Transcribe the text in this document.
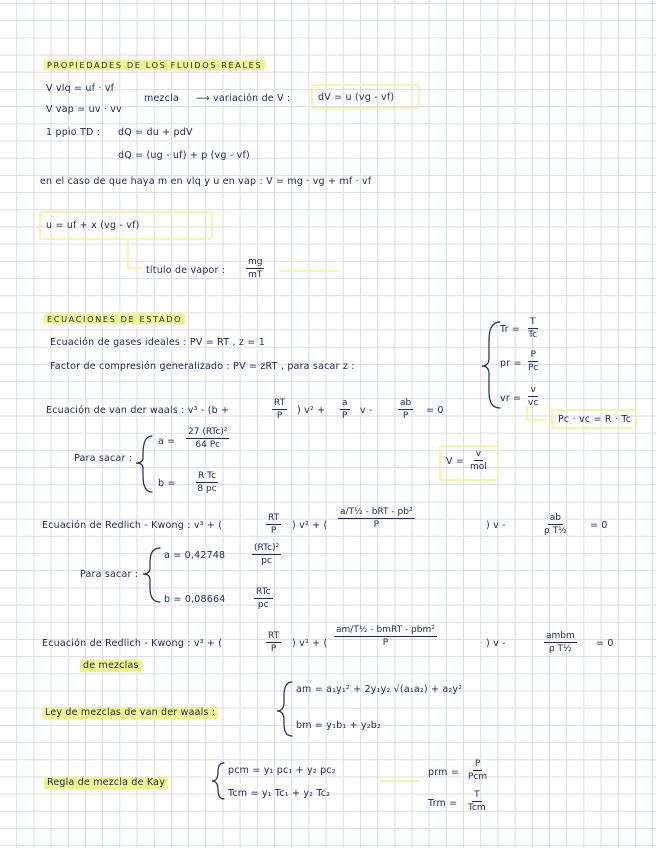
PROPIEDADES DE LOS FLUIDOS REALES
V vlq = uf · vf
V vap = uv · vv
mezcla ⟶ variación de V :	dV = u (vg - vf)
1 ppio TD : dQ = du + pdV
dQ = (ug - uf) + p (vg - vf)
en el caso de que haya m en vlq y u en vap : V = mg · vg + mf · vf
u = uf + x (vg - vf)
título de vapor : $\frac{mg}{mT}$
ECUACIONES DE ESTADO
Ecuación de gases ideales : PV = RT , z = 1
Factor de compresión generalizado : PV = zRT , para sacar z :
$Tr = \frac{T}{Tc}$
pr = $\frac{P}{Pc}$
vr = $\frac{v}{vc}$
Pc · vc = R · Tc
Ecuación de van der waals : v³ - (b +	$\frac{RT}{P}$ ) $v^2 + \frac{a}{P}$ v -	$\frac{ab}{P} = 0$
Para sacar :
a =
27 (RTc)²
64 Pc
$b = \frac{\text{R Tc}}{8 pc}$
V =
v
mol
Ecuación de Redlich - Kwong : v³ + (	$\frac{RT}{P}$ ) v² + (
a/T½ - bRT - pb²
P	) v -	$\frac{ab}{\text{ρ T½}} = 0$
Para sacar :
a = 0,42748
(RTc)²
pc
b = 0,08664
RTc
pc
Ecuación de Redlich - Kwong : v³ + (	$\frac{RT}{P}$ ) v² + (
am/T½ - bmRT - pbm²
P	) v -
ambm
ρ T½	= 0
de mezclas
Ley de mezclas de van der waals :
am = a₁y₁² + 2y₁y₂ √(a₁a₂) + a₂y²
bm = y₁b₁ + y₂b₂
Regla de mezcla de Kay
pcm = y₁ pc₁ + y₂ pc₂
Tcm = y₁ Tc₁ + y₂ Tc₂
prm =
P
Pcm
Trm =
T
Tcm
